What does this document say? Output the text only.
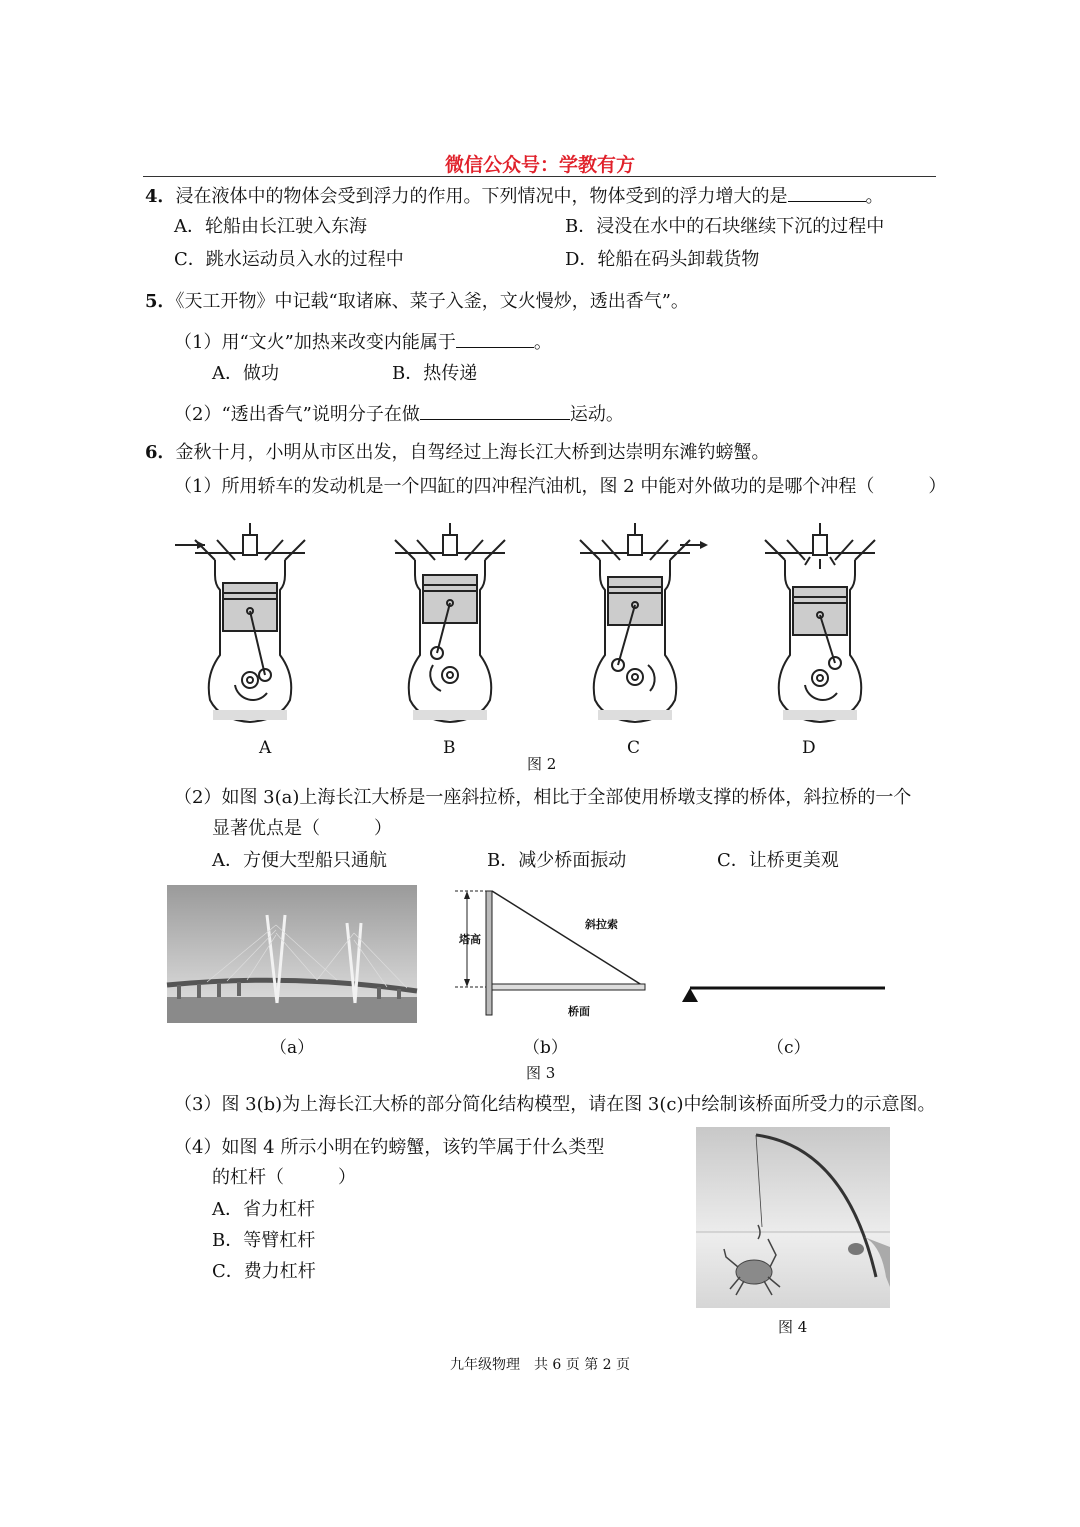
微信公众号：学教有方
4．浸在液体中的物体会受到浮力的作用。下列情况中，物体受到的浮力增大的是	。
A．轮船由长江驶入东海	B．浸没在水中的石块继续下沉的过程中
C．跳水运动员入水的过程中	D．轮船在码头卸载货物
5．《天工开物》中记载“取诸麻、菜子入釜，文火慢炒，透出香气”。
（1）用“文火”加热来改变内能属于	。
A．做功	B．热传递
（2）“透出香气”说明分子在做	运动。
6．金秋十月，小明从市区出发，自驾经过上海长江大桥到达崇明东滩钓螃蟹。
（1）所用轿车的发动机是一个四缸的四冲程汽油机，图 2 中能对外做功的是哪个冲程（　　　）
A	B	C	D
图 2
（2）如图 3(a)上海长江大桥是一座斜拉桥，相比于全部使用桥墩支撑的桥体，斜拉桥的一个
显著优点是（　　　）
A．方便大型船只通航	B．减少桥面振动	C．让桥更美观
塔高
斜拉索
桥面
（a）	（b）	（c）
图 3
（3）图 3(b)为上海长江大桥的部分简化结构模型，请在图 3(c)中绘制该桥面所受力的示意图。
（4）如图 4 所示小明在钓螃蟹，该钓竿属于什么类型
的杠杆（　　　）
A．省力杠杆
B．等臂杠杆
C．费力杠杆
图 4
九年级物理　共 6 页 第 2 页
